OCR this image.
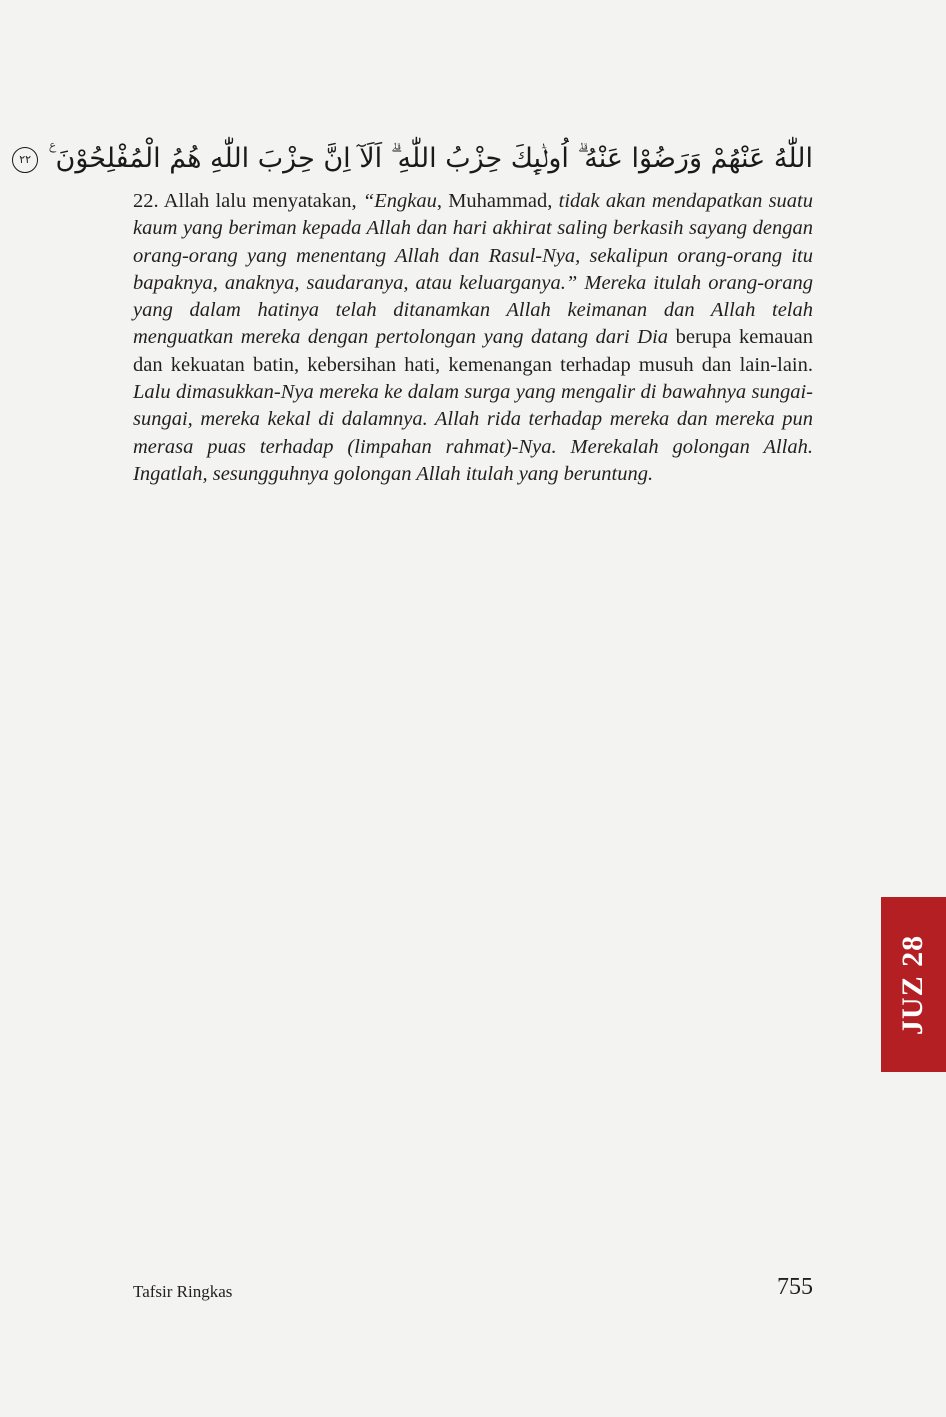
اللّٰهُ عَنْهُمْ وَرَضُوْا عَنْهُ ۗ اُولٰۤىِٕكَ حِزْبُ اللّٰهِ ۗ اَلَآ اِنَّ حِزْبَ اللّٰهِ هُمُ الْمُفْلِحُوْنَ ࣖ ٢٢

22. Allah lalu menyatakan, “Engkau, Muhammad, tidak akan mendapatkan suatu kaum yang beriman kepada Allah dan hari akhirat saling berkasih sayang dengan orang-orang yang menentang Allah dan Rasul-Nya, sekalipun orang-orang itu bapaknya, anaknya, saudaranya, atau keluarganya.” Mereka itulah orang-orang yang dalam hatinya telah ditanamkan Allah keimanan dan Allah telah menguatkan mereka dengan pertolongan yang datang dari Dia berupa kemauan dan kekuatan batin, kebersihan hati, kemenangan terhadap musuh dan lain-lain. Lalu dimasukkan-Nya mereka ke dalam surga yang mengalir di bawahnya sungai-sungai, mereka kekal di dalamnya. Allah rida terhadap mereka dan mereka pun merasa puas terhadap (limpahan rahmat)-Nya. Merekalah golongan Allah. Ingatlah, sesungguhnya golongan Allah itulah yang beruntung.

JUZ 28
Tafsir Ringkas	755
